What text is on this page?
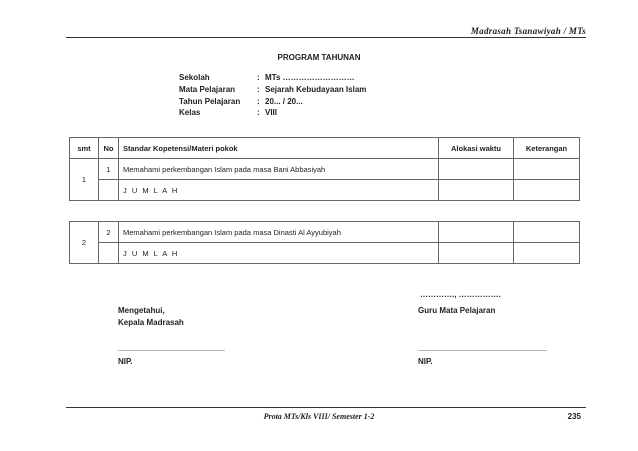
Madrasah Tsanawiyah / MTs
PROGRAM TAHUNAN
Sekolah	: MTs ………………………
Mata Pelajaran	: Sejarah Kebudayaan Islam
Tahun Pelajaran	: 20... / 20...
Kelas	: VIII
smt	No	Standar Kopetensi/Materi pokok	Alokasi waktu	Keterangan
1	1	Memahami perkembangan Islam pada masa Bani Abbasiyah		
		J U M L A H		
2	2	Memahami perkembangan Islam pada masa Dinasti Al Ayyubiyah		
		J U M L A H		
…………., …………….
Mengetahui,
Kepala Madrasah
Guru Mata Pelajaran
________________________
NIP.
_____________________________
NIP.
Prota MTs/Kls VIII/ Semester 1-2	235
